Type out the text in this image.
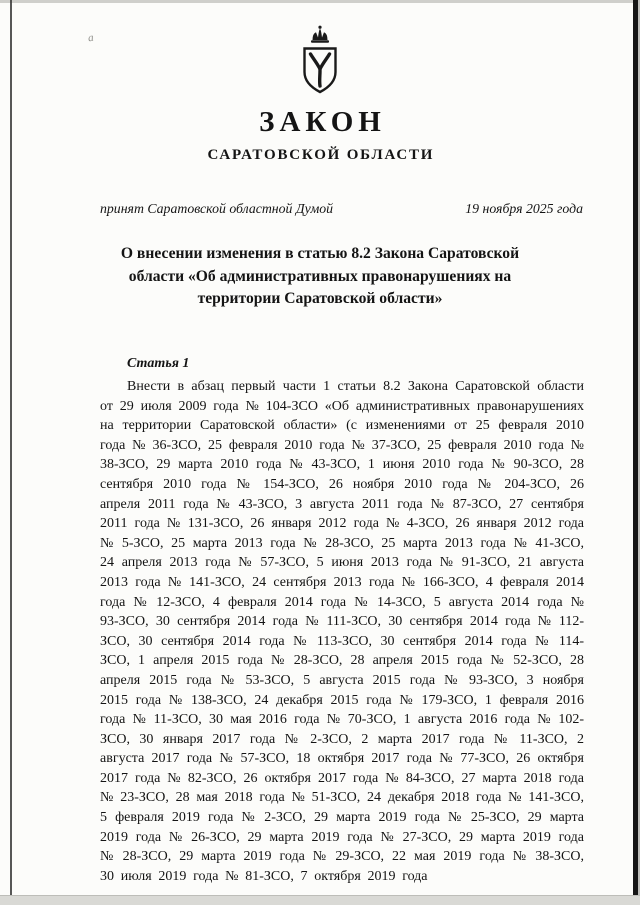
а
ЗАКОН
САРАТОВСКОЙ ОБЛАСТИ
принят Саратовской областной Думой	19 ноября 2025 года
О внесении изменения в статью 8.2 Закона Саратовской области «Об административных правонарушениях на территории Саратовской области»
Статья 1

Внести в абзац первый части 1 статьи 8.2 Закона Саратовской области от 29 июля 2009 года № 104-ЗСО «Об административных правонарушениях на территории Саратовской области» (с изменениями от 25 февраля 2010 года № 36-ЗСО, 25 февраля 2010 года № 37-ЗСО, 25 февраля 2010 года № 38-ЗСО, 29 марта 2010 года № 43-ЗСО, 1 июня 2010 года № 90-ЗСО, 28 сентября 2010 года № 154-ЗСО, 26 ноября 2010 года № 204-ЗСО, 26 апреля 2011 года № 43-ЗСО, 3 августа 2011 года № 87-ЗСО, 27 сентября 2011 года № 131-ЗСО, 26 января 2012 года № 4-ЗСО, 26 января 2012 года № 5-ЗСО, 25 марта 2013 года № 28-ЗСО, 25 марта 2013 года № 41-ЗСО, 24 апреля 2013 года № 57-ЗСО, 5 июня 2013 года № 91-ЗСО, 21 августа 2013 года № 141-ЗСО, 24 сентября 2013 года № 166-ЗСО, 4 февраля 2014 года № 12-ЗСО, 4 февраля 2014 года № 14-ЗСО, 5 августа 2014 года № 93-ЗСО, 30 сентября 2014 года № 111-ЗСО, 30 сентября 2014 года № 112-ЗСО, 30 сентября 2014 года № 113-ЗСО, 30 сентября 2014 года № 114-ЗСО, 1 апреля 2015 года № 28-ЗСО, 28 апреля 2015 года № 52-ЗСО, 28 апреля 2015 года № 53-ЗСО, 5 августа 2015 года № 93-ЗСО, 3 ноября 2015 года № 138-ЗСО, 24 декабря 2015 года № 179-ЗСО, 1 февраля 2016 года № 11-ЗСО, 30 мая 2016 года № 70-ЗСО, 1 августа 2016 года № 102-ЗСО, 30 января 2017 года № 2-ЗСО, 2 марта 2017 года № 11-ЗСО, 2 августа 2017 года № 57-ЗСО, 18 октября 2017 года № 77-ЗСО, 26 октября 2017 года № 82-ЗСО, 26 октября 2017 года № 84-ЗСО, 27 марта 2018 года № 23-ЗСО, 28 мая 2018 года № 51-ЗСО, 24 декабря 2018 года № 141-ЗСО, 5 февраля 2019 года № 2-ЗСО, 29 марта 2019 года № 25-ЗСО, 29 марта 2019 года № 26-ЗСО, 29 марта 2019 года № 27-ЗСО, 29 марта 2019 года № 28-ЗСО, 29 марта 2019 года № 29-ЗСО, 22 мая 2019 года № 38-ЗСО, 30 июля 2019 года № 81-ЗСО, 7 октября 2019 года
